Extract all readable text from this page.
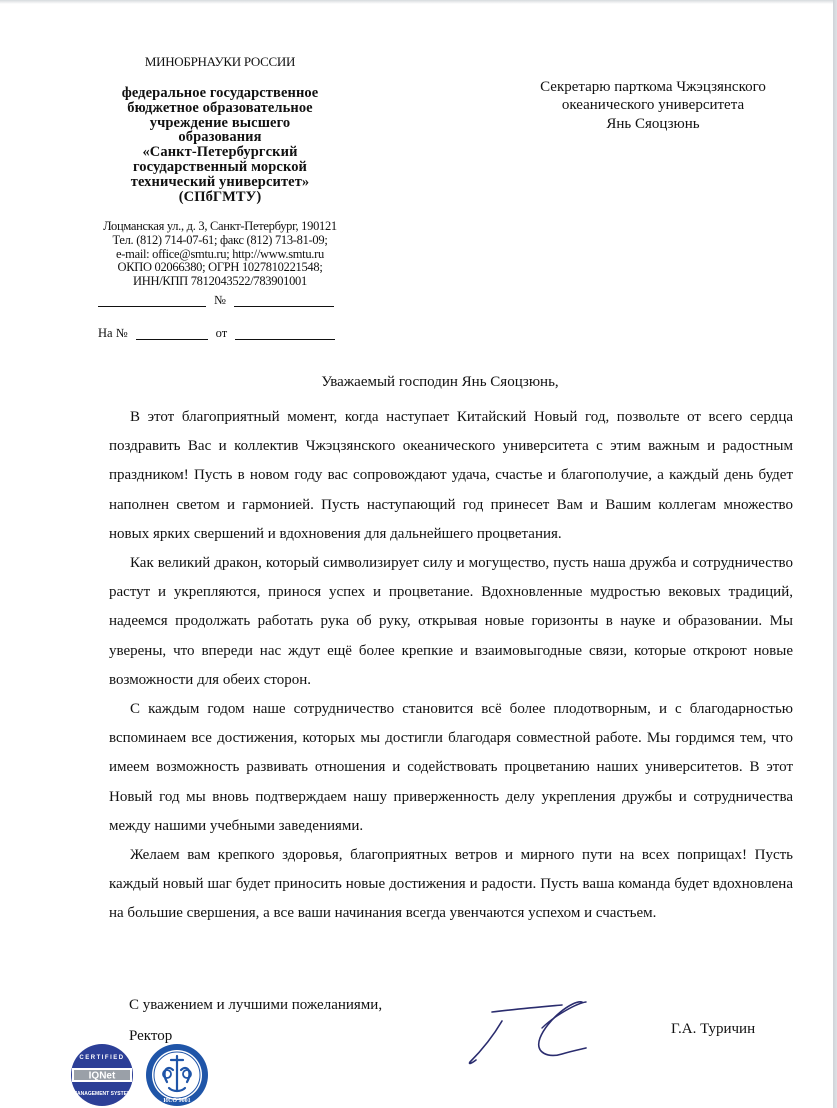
МИНОБРНАУКИ РОССИИ
федеральное государственное
бюджетное образовательное
учреждение высшего
образования
«Санкт-Петербургский
государственный морской
технический университет»
(СПбГМТУ)
Лоцманская ул., д. 3, Санкт-Петербург, 190121
Тел. (812) 714-07-61; факс (812) 713-81-09;
e-mail: office@smtu.ru; http://www.smtu.ru
ОКПО 02066380; ОГРН 1027810221548;
ИНН/КПП 7812043522/783901001
№
На №	от
Секретарю парткома Чжэцзянского
океанического университета
Янь Сяоцзюнь
Уважаемый господин Янь Сяоцзюнь,

В этот благоприятный момент, когда наступает Китайский Новый год, позвольте от всего сердца поздравить Вас и коллектив Чжэцзянского океанического университета с этим важным и радостным праздником! Пусть в новом году вас сопровождают удача, счастье и благополучие, а каждый день будет наполнен светом и гармонией. Пусть наступающий год принесет Вам и Вашим коллегам множество новых ярких свершений и вдохновения для дальнейшего процветания.

Как великий дракон, который символизирует силу и могущество, пусть наша дружба и сотрудничество растут и укрепляются, принося успех и процветание. Вдохновленные мудростью вековых традиций, надеемся продолжать работать рука об руку, открывая новые горизонты в науке и образовании. Мы уверены, что впереди нас ждут ещё более крепкие и взаимовыгодные связи, которые откроют новые возможности для обеих сторон.

С каждым годом наше сотрудничество становится всё более плодотворным, и с благодарностью вспоминаем все достижения, которых мы достигли благодаря совместной работе. Мы гордимся тем, что имеем возможность развивать отношения и содействовать процветанию наших университетов. В этот Новый год мы вновь подтверждаем нашу приверженность делу укрепления дружбы и сотрудничества между нашими учебными заведениями.

Желаем вам крепкого здоровья, благоприятных ветров и мирного пути на всех поприщах! Пусть каждый новый шаг будет приносить новые достижения и радости. Пусть ваша команда будет вдохновлена на большие свершения, а все ваши начинания всегда увенчаются успехом и счастьем.

С уважением и лучшими пожеланиями,
Ректор	Г.А. Туричин
IQNet
CERTIFIED
MANAGEMENT SYSTEM
ИСО 9001
